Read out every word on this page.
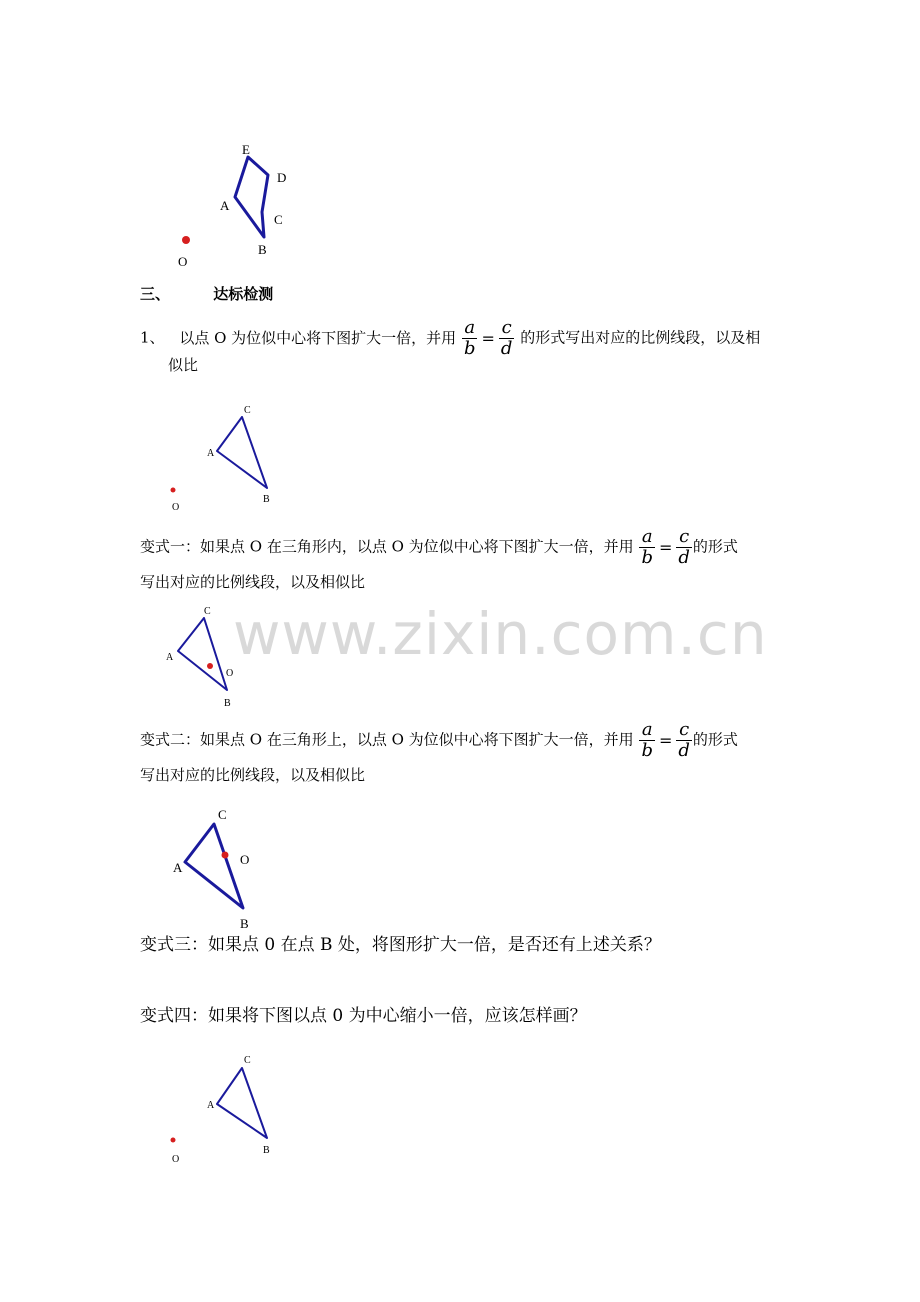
E
D
A
C
B
O
C
A
B
O
C
A
O
B
C
A
O
B
C
A
B
O
三、	达标检测
1、 以点 O 为位似中心将下图扩大一倍，并用 $\frac{a}{b} = \frac{c}{d}$ 的形式写出对应的比例线段，以及相
似比
变式一：如果点 O 在三角形内，以点 O 为位似中心将下图扩大一倍，并用 $\frac{a}{b} = \frac{c}{d}$ 的形式
写出对应的比例线段，以及相似比
www.zixin.com.cn
变式二：如果点 O 在三角形上，以点 O 为位似中心将下图扩大一倍，并用 $\frac{a}{b} = \frac{c}{d}$ 的形式
写出对应的比例线段，以及相似比
变式三：如果点 0 在点 B 处，将图形扩大一倍，是否还有上述关系？
变式四：如果将下图以点 0 为中心缩小一倍，应该怎样画？
